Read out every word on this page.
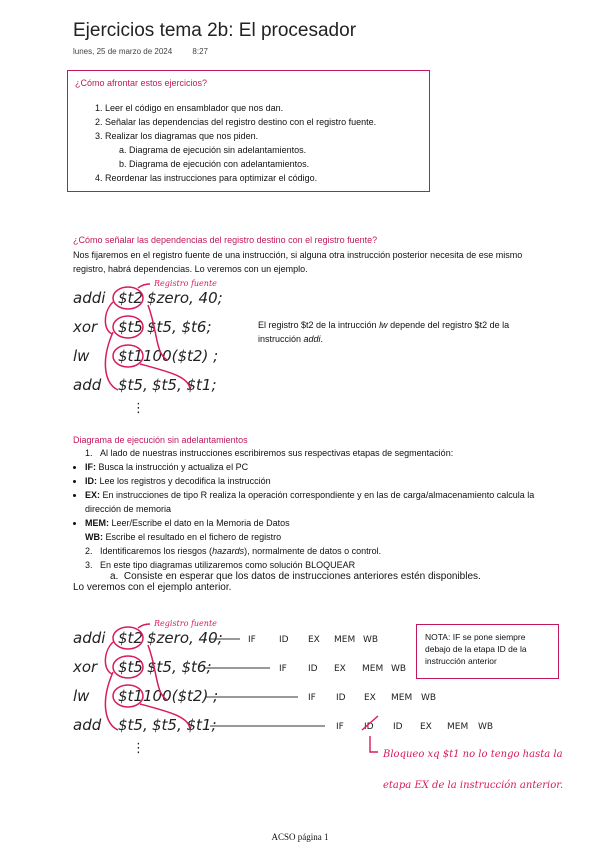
Ejercicios tema 2b: El procesador
lunes, 25 de marzo de 2024	8:27
¿Cómo afrontar estos ejercicios?
1. Leer el código en ensamblador que nos dan.
2. Señalar las dependencias del registro destino con el registro fuente.
3. Realizar los diagramas que nos piden.
a. Diagrama de ejecución sin adelantamientos.
b. Diagrama de ejecución con adelantamientos.
4. Reordenar las instrucciones para optimizar el código.
¿Cómo señalar las dependencias del registro destino con el registro fuente?
Nos fijaremos en el registro fuente de una instrucción, si alguna otra instrucción posterior necesita de ese mismo registro, habrá dependencias. Lo veremos con un ejemplo.
addi $t2 $zero, 40;
xor $t5 $t5, $t6;
lw $t1 100($t2) ;
add $t5, $t5, $t1;
⋮
Registro fuente
El registro $t2 de la intrucción lw depende del registro $t2 de la instrucción addi.
Diagrama de ejecución sin adelantamientos
1.   Al lado de nuestras instrucciones escribiremos sus respectivas etapas de segmentación:
• IF: Busca la instrucción y actualiza el PC
• ID: Lee los registros y decodifica la instrucción
• EX: En instrucciones de tipo R realiza la operación correspondiente y en las de carga/almacenamiento calcula la dirección de memoria
• MEM: Leer/Escribe el dato en la Memoria de Datos
WB: Escribe el resultado en el fichero de registro
2.   Identificaremos los riesgos (hazards), normalmente de datos o control.
3.   En este tipo diagramas utilizaremos como solución BLOQUEAR
a.  Consiste en esperar que los datos de instrucciones anteriores estén disponibles.
Lo veremos con el ejemplo anterior.
addi $t2 $zero, 40;
xor $t5 $t5, $t6;
lw $t1 100($t2) ;
add $t5, $t5, $t1;
⋮
Registro fuente
IF	ID EX MEM WB
IF ID EX MEM WB
IF ID EX MEM WB
IF ID ID EX MEM WB
Bloqueo xq $t1 no lo tengo hasta la
etapa EX de la instrucción anterior.
NOTA: IF se pone siempre debajo de la etapa ID de la instrucción anterior
ACSO página 1
